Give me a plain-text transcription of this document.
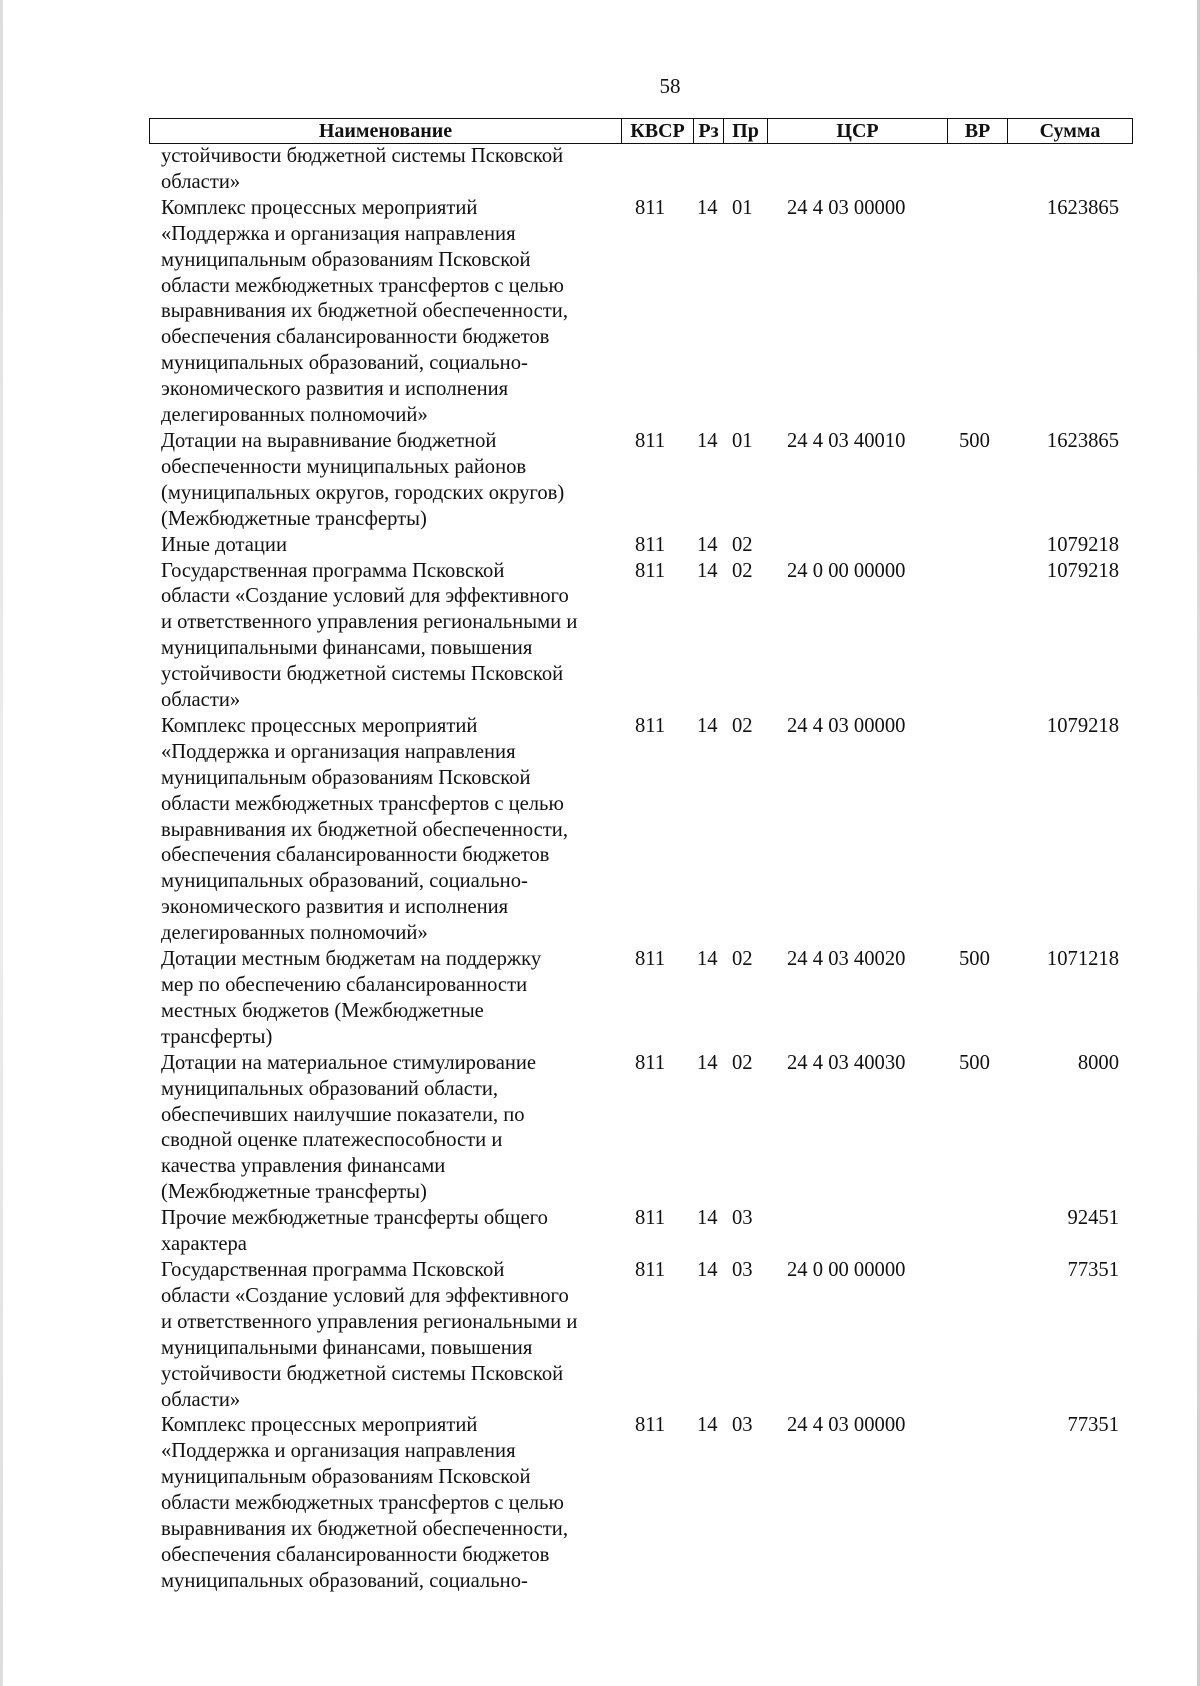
58
Наименование	КВСР Рз Пр	ЦСР	ВР	Сумма
устойчивости бюджетной системы Псковской
области»
Комплекс процессных мероприятий
«Поддержка и организация направления
муниципальным образованиям Псковской
области межбюджетных трансфертов с целью
выравнивания их бюджетной обеспеченности,
обеспечения сбалансированности бюджетов
муниципальных образований, социально-
экономического развития и исполнения
делегированных полномочий»
811	14 01	24 4 03 00000	1623865
Дотации на выравнивание бюджетной
обеспеченности муниципальных районов
(муниципальных округов, городских округов)
(Межбюджетные трансферты)
811	14 01	24 4 03 40010	500	1623865
Иные дотации	811	14 02	1079218
Государственная программа Псковской
области «Создание условий для эффективного
и ответственного управления региональными и
муниципальными финансами, повышения
устойчивости бюджетной системы Псковской
области»
811	14 02	24 0 00 00000	1079218
Комплекс процессных мероприятий
«Поддержка и организация направления
муниципальным образованиям Псковской
области межбюджетных трансфертов с целью
выравнивания их бюджетной обеспеченности,
обеспечения сбалансированности бюджетов
муниципальных образований, социально-
экономического развития и исполнения
делегированных полномочий»
811	14 02	24 4 03 00000	1079218
Дотации местным бюджетам на поддержку
мер по обеспечению сбалансированности
местных бюджетов (Межбюджетные
трансферты)
811	14 02	24 4 03 40020	500	1071218
Дотации на материальное стимулирование
муниципальных образований области,
обеспечивших наилучшие показатели, по
сводной оценке платежеспособности и
качества управления финансами
(Межбюджетные трансферты)
811	14 02	24 4 03 40030	500	8000
Прочие межбюджетные трансферты общего
характера
811	14 03	92451
Государственная программа Псковской
области «Создание условий для эффективного
и ответственного управления региональными и
муниципальными финансами, повышения
устойчивости бюджетной системы Псковской
области»
811	14 03	24 0 00 00000	77351
Комплекс процессных мероприятий
«Поддержка и организация направления
муниципальным образованиям Псковской
области межбюджетных трансфертов с целью
выравнивания их бюджетной обеспеченности,
обеспечения сбалансированности бюджетов
муниципальных образований, социально-
811	14 03	24 4 03 00000	77351
